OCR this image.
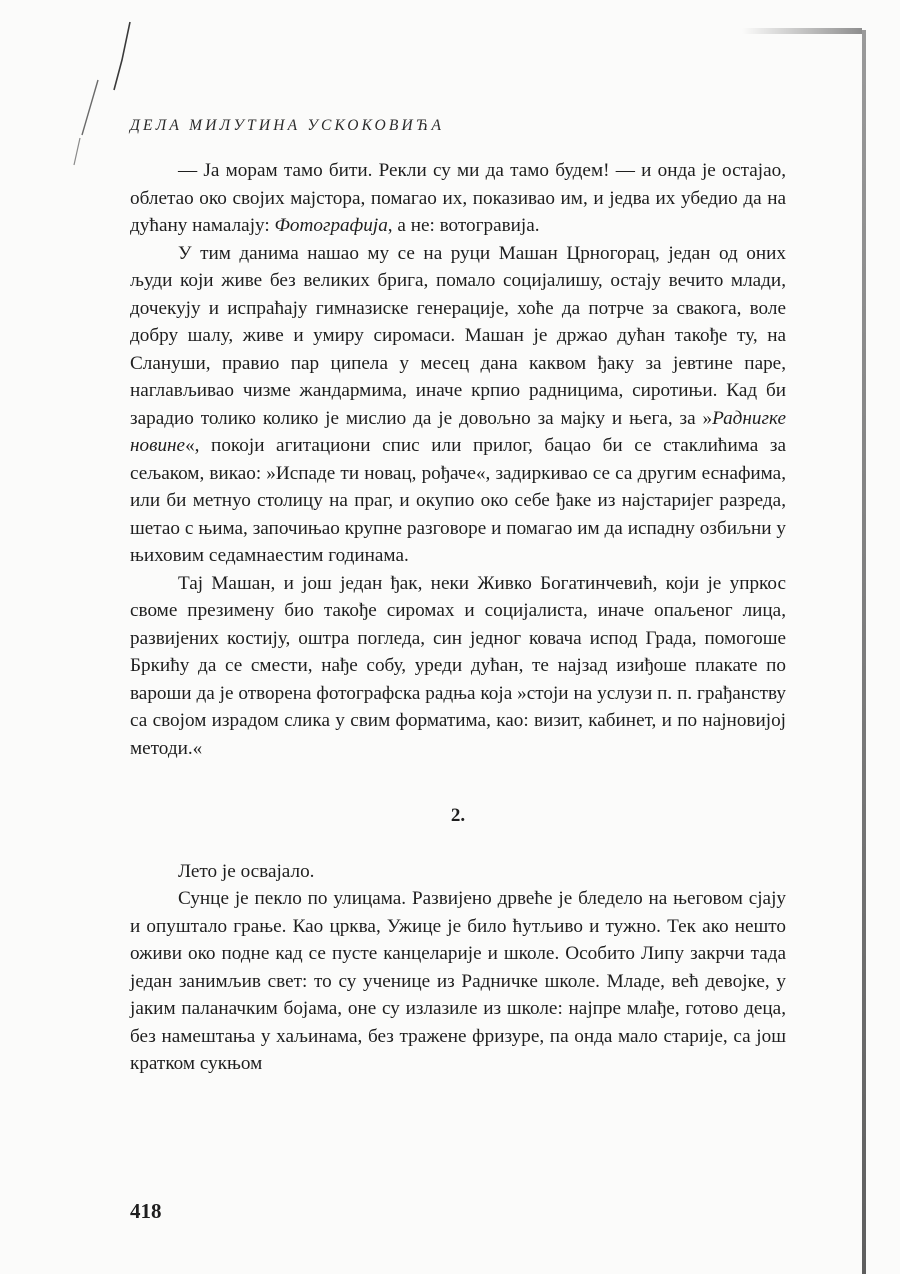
ДЕЛА МИЛУТИНА УСКОКОВИЋА

— Ја морам тамо бити. Рекли су ми да тамо будем! — и онда је остајао, облетао око својих мајстора, помагао их, показивао им, и једва их убедио да на дућану намалају: Фотографија, а не: вотогравија.

У тим данима нашао му се на руци Машан Црногорац, један од оних људи који живе без великих брига, помало социјалишу, остају вечито млади, дочекују и испраћају гимназиске генерације, хоће да потрче за свакога, воле добру шалу, живе и умиру сиромаси. Машан је држао дућан такође ту, на Слануши, правио пар ципела у месец дана каквом ђаку за јевтине паре, наглављивао чизме жандармима, иначе крпио радницима, сиротињи. Кад би зарадио толико колико је мислио да је довољно за мајку и њега, за »Раднигке новине«, покоји агитациони спис или прилог, бацао би се стаклићима за сељаком, викао: »Испаде ти новац, рођаче«, задиркивао се са другим еснафима, или би метнуо столицу на праг, и окупио око себе ђаке из најстаријег разреда, шетао с њима, започињао крупне разговоре и помагао им да испадну озбиљни у њиховим седамнаестим годинама.

Тај Машан, и још један ђак, неки Живко Богатинчевић, који је упркос своме презимену био такође сиромах и социјалиста, иначе опаљеног лица, развијених костију, оштра погледа, син једног ковача испод Града, помогоше Бркићу да се смести, нађе собу, уреди дућан, те најзад изиђоше плакате по вароши да је отворена фотографска радња која »стоји на услузи п. п. грађанству са својом израдом слика у свим форматима, као: визит, кабинет, и по најновијој методи.«

2.

Лето је освајало.

Сунце је пекло по улицама. Развијено дрвеће је бледело на његовом сјају и опуштало грање. Као црква, Ужице је било ћутљиво и тужно. Тек ако нешто оживи око подне кад се пусте канцеларије и школе. Особито Липу закрчи тада један занимљив свет: то су ученице из Радничке школе. Младе, већ девојке, у јаким паланачким бојама, оне су излазиле из школе: најпре млађе, готово деца, без намештања у хаљинама, без тражене фризуре, па онда мало старије, са још кратком сукњом

418
